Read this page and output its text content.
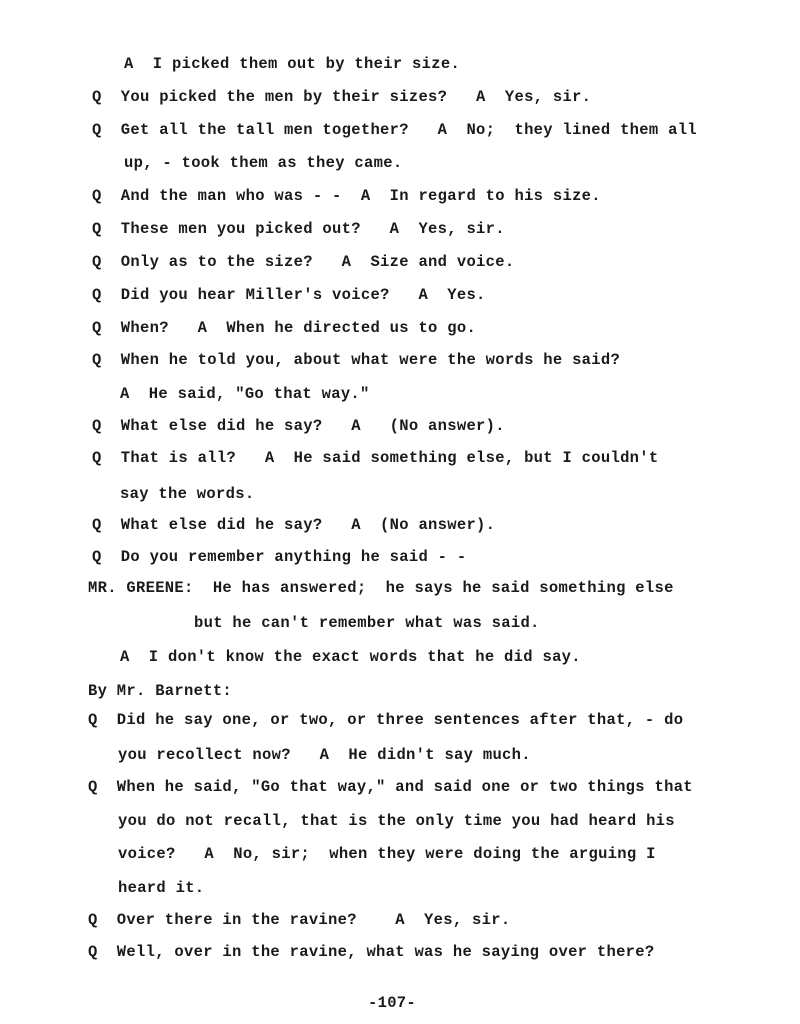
A  I picked them out by their size.
Q  You picked the men by their sizes?   A  Yes, sir.
Q  Get all the tall men together?   A  No;  they lined them all
up, - took them as they came.
Q  And the man who was - -  A  In regard to his size.
Q  These men you picked out?   A  Yes, sir.
Q  Only as to the size?   A  Size and voice.
Q  Did you hear Miller's voice?   A  Yes.
Q  When?   A  When he directed us to go.
Q  When he told you, about what were the words he said?
A  He said, "Go that way."
Q  What else did he say?   A   (No answer).
Q  That is all?   A  He said something else, but I couldn't
say the words.
Q  What else did he say?   A  (No answer).
Q  Do you remember anything he said - -
MR. GREENE:  He has answered;  he says he said something else
but he can't remember what was said.
A  I don't know the exact words that he did say.
By Mr. Barnett:
Q  Did he say one, or two, or three sentences after that, - do
you recollect now?   A  He didn't say much.
Q  When he said, "Go that way," and said one or two things that
you do not recall, that is the only time you had heard his
voice?   A  No, sir;  when they were doing the arguing I
heard it.
Q  Over there in the ravine?    A  Yes, sir.
Q  Well, over in the ravine, what was he saying over there?
-107-
